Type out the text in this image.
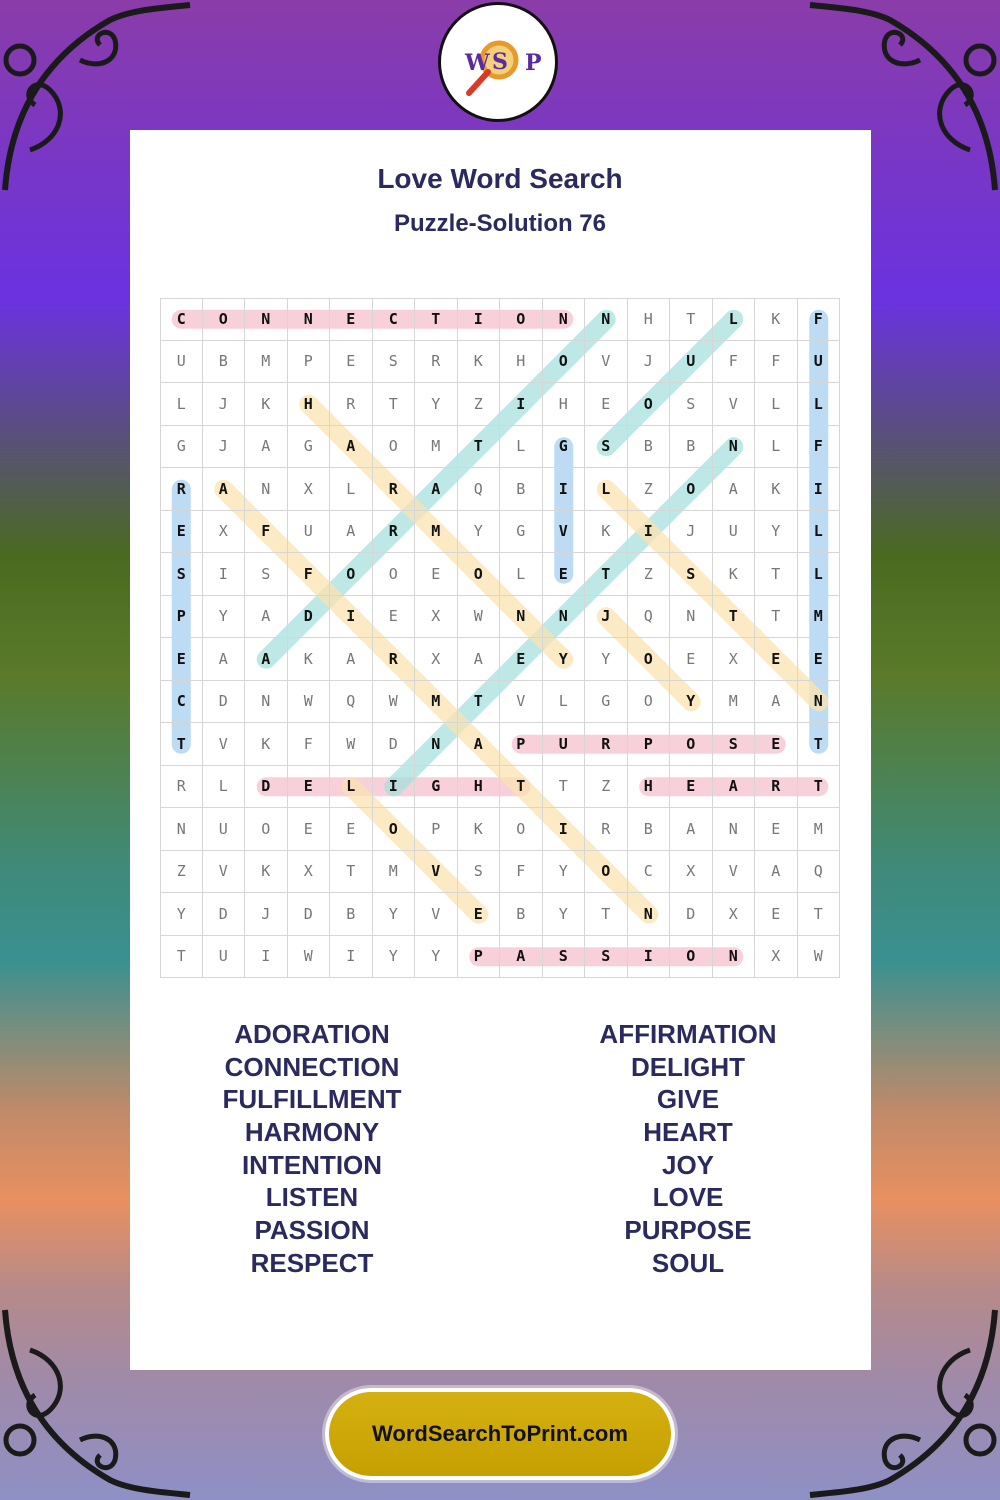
W S P
Love Word Search
Puzzle-Solution 76
C	O	N	N	E	C	T	I	O	N	N	H	T	L	K	F
U	B	M	P	E	S	R	K	H	O	V	J	U	F	F	U
L	J	K	H	R	T	Y	Z	I	H	E	O	S	V	L	L
G	J	A	G	A	O	M	T	L	G	S	B	B	N	L	F
R	A	N	X	L	R	A	Q	B	I	L	Z	O	A	K	I
E	X	F	U	A	R	M	Y	G	V	K	I	J	U	Y	L
S	I	S	F	O	O	E	O	L	E	T	Z	S	K	T	L
P	Y	A	D	I	E	X	W	N	N	J	Q	N	T	T	M
E	A	A	K	A	R	X	A	E	Y	Y	O	E	X	E	E
C	D	N	W	Q	W	M	T	V	L	G	O	Y	M	A	N
T	V	K	F	W	D	N	A	P	U	R	P	O	S	E	T
R	L	D	E	L	I	G	H	T	T	Z	H	E	A	R	T
N	U	O	E	E	O	P	K	O	I	R	B	A	N	E	M
Z	V	K	X	T	M	V	S	F	Y	O	C	X	V	A	Q
Y	D	J	D	B	Y	V	E	B	Y	T	N	D	X	E	T
T	U	I	W	I	Y	Y	P	A	S	S	I	O	N	X	W
ADORATION
CONNECTION
FULFILLMENT
HARMONY
INTENTION
LISTEN
PASSION
RESPECT
AFFIRMATION
DELIGHT
GIVE
HEART
JOY
LOVE
PURPOSE
SOUL
WordSearchToPrint.com
